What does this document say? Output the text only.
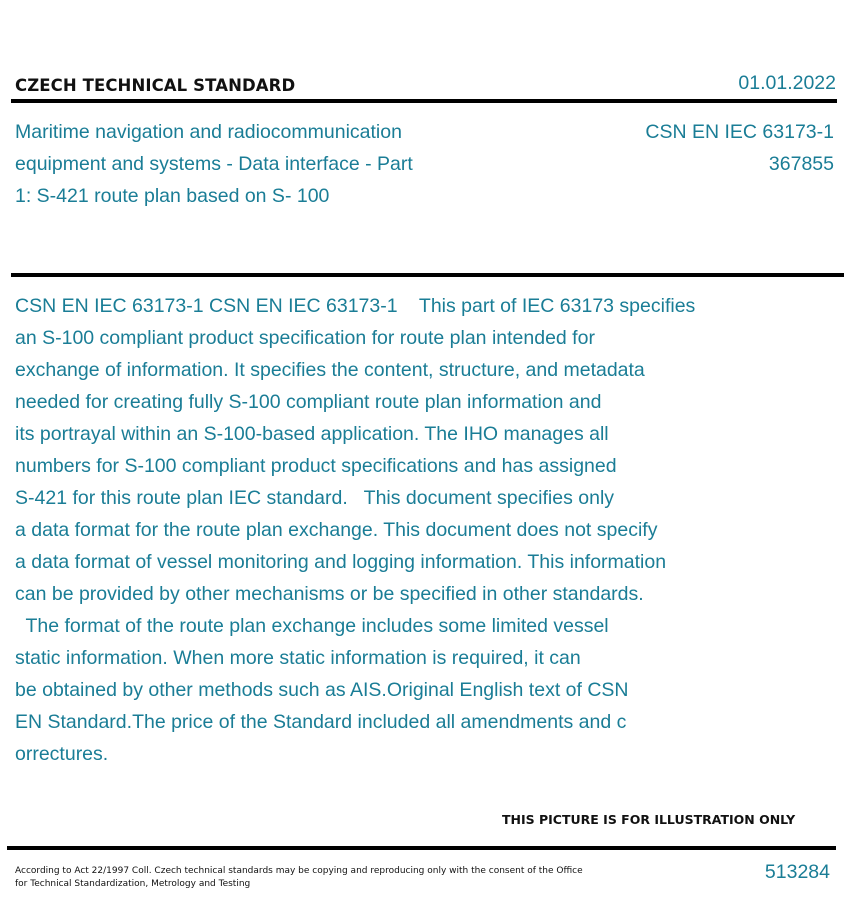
CZECH TECHNICAL STANDARD	01.01.2022
Maritime navigation and radiocommunication
equipment and systems - Data interface - Part
1: S-421 route plan based on S- 100
CSN EN IEC 63173-1
367855
CSN EN IEC 63173-1 CSN EN IEC 63173-1    This part of IEC 63173 specifies
an S-100 compliant product specification for route plan intended for
exchange of information. It specifies the content, structure, and metadata
needed for creating fully S-100 compliant route plan information and
its portrayal within an S-100-based application. The IHO manages all
numbers for S-100 compliant product specifications and has assigned
S-421 for this route plan IEC standard.   This document specifies only
a data format for the route plan exchange. This document does not specify
a data format of vessel monitoring and logging information. This information
can be provided by other mechanisms or be specified in other standards.
The format of the route plan exchange includes some limited vessel
static information. When more static information is required, it can
be obtained by other methods such as AIS.Original English text of CSN
EN Standard.The price of the Standard included all amendments and c
orrectures.
THIS PICTURE IS FOR ILLUSTRATION ONLY
According to Act 22/1997 Coll. Czech technical standards may be copying and reproducing only with the consent of the Office
for Technical Standardization, Metrology and Testing
513284
